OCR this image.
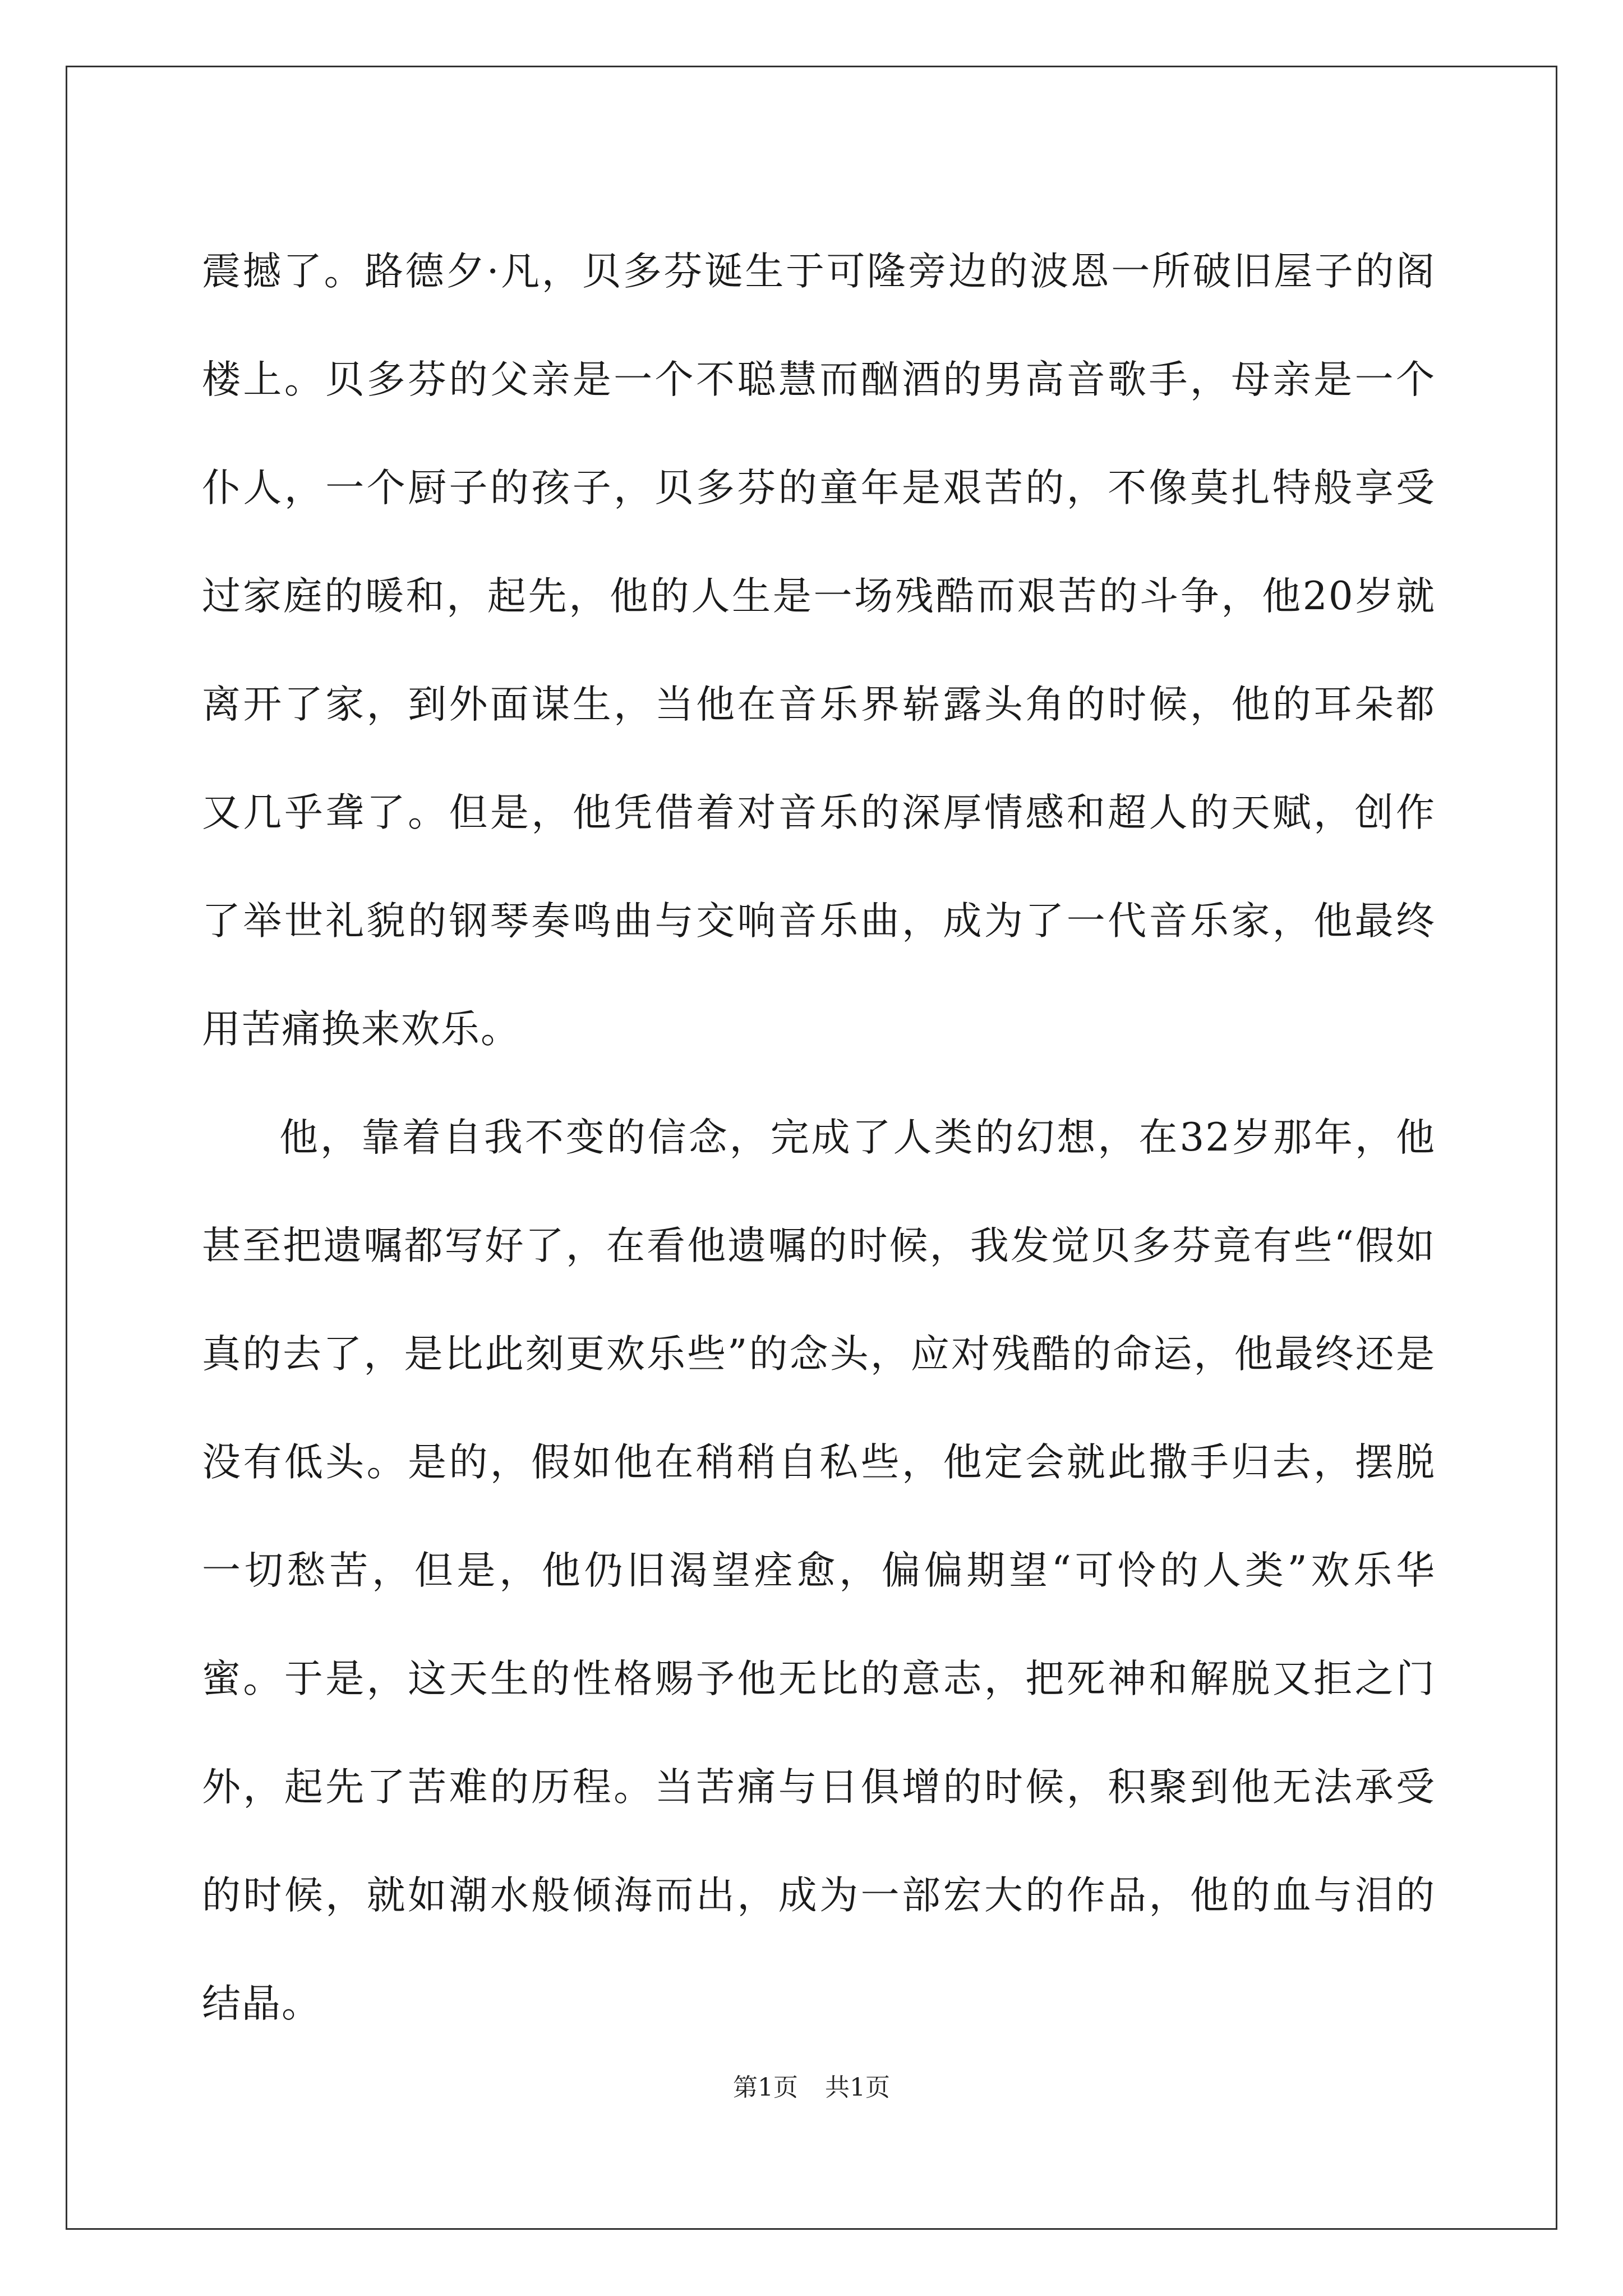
震撼了。路德夕·凡，贝多芬诞生于可隆旁边的波恩一所破旧屋子的阁楼上。贝多芬的父亲是一个不聪慧而酗酒的男高音歌手，母亲是一个仆人，一个厨子的孩子，贝多芬的童年是艰苦的，不像莫扎特般享受过家庭的暖和，起先，他的人生是一场残酷而艰苦的斗争，他20岁就离开了家，到外面谋生，当他在音乐界崭露头角的时候，他的耳朵都又几乎聋了。但是，他凭借着对音乐的深厚情感和超人的天赋，创作了举世礼貌的钢琴奏鸣曲与交响音乐曲，成为了一代音乐家，他最终用苦痛换来欢乐。

他，靠着自我不变的信念，完成了人类的幻想，在32岁那年，他甚至把遗嘱都写好了，在看他遗嘱的时候，我发觉贝多芬竟有些“假如真的去了，是比此刻更欢乐些”的念头，应对残酷的命运，他最终还是没有低头。是的，假如他在稍稍自私些，他定会就此撒手归去，摆脱一切愁苦，但是，他仍旧渴望痊愈，偏偏期望“可怜的人类”欢乐华蜜。于是，这天生的性格赐予他无比的意志，把死神和解脱又拒之门外，起先了苦难的历程。当苦痛与日俱增的时候，积聚到他无法承受的时候，就如潮水般倾海而出，成为一部宏大的作品，他的血与泪的结晶。

第1页 共1页
